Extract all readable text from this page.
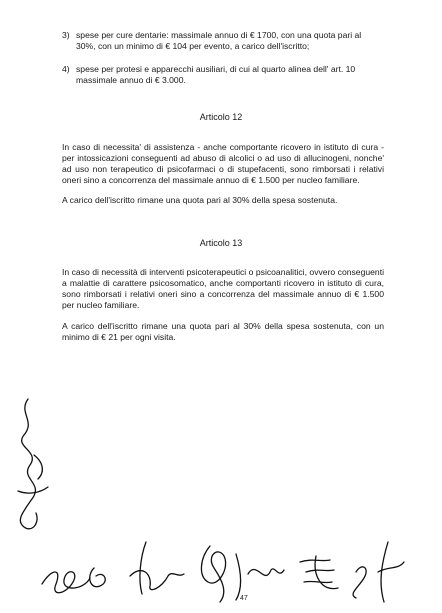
3) spese per cure dentarie: massimale annuo di € 1700, con una quota pari al 30%, con un minimo di € 104 per evento, a carico dell'iscritto;
4) spese per protesi e apparecchi ausiliari, di cui al quarto alinea dell' art. 10 massimale annuo di € 3.000.
Articolo 12

In caso di necessita' di assistenza - anche comportante ricovero in istituto di cura - per intossicazioni conseguenti ad abuso di alcolici o ad uso di allucinogeni, nonche' ad uso non terapeutico di psicofarmaci o di stupefacenti, sono rimborsati i relativi oneri sino a concorrenza del massimale annuo di € 1.500 per nucleo familiare.

A carico dell'iscritto rimane una quota pari al 30% della spesa sostenuta.

Articolo 13

In caso di necessità di interventi psicoterapeutici o psicoanalitici, ovvero conseguenti a malattie di carattere psicosomatico, anche comportanti ricovero in istituto di cura, sono rimborsati i relativi oneri sino a concorrenza del massimale annuo di € 1.500 per nucleo familiare.

A carico dell'iscritto rimane una quota pari al 30% della spesa sostenuta, con un minimo di € 21 per ogni visita.

47
